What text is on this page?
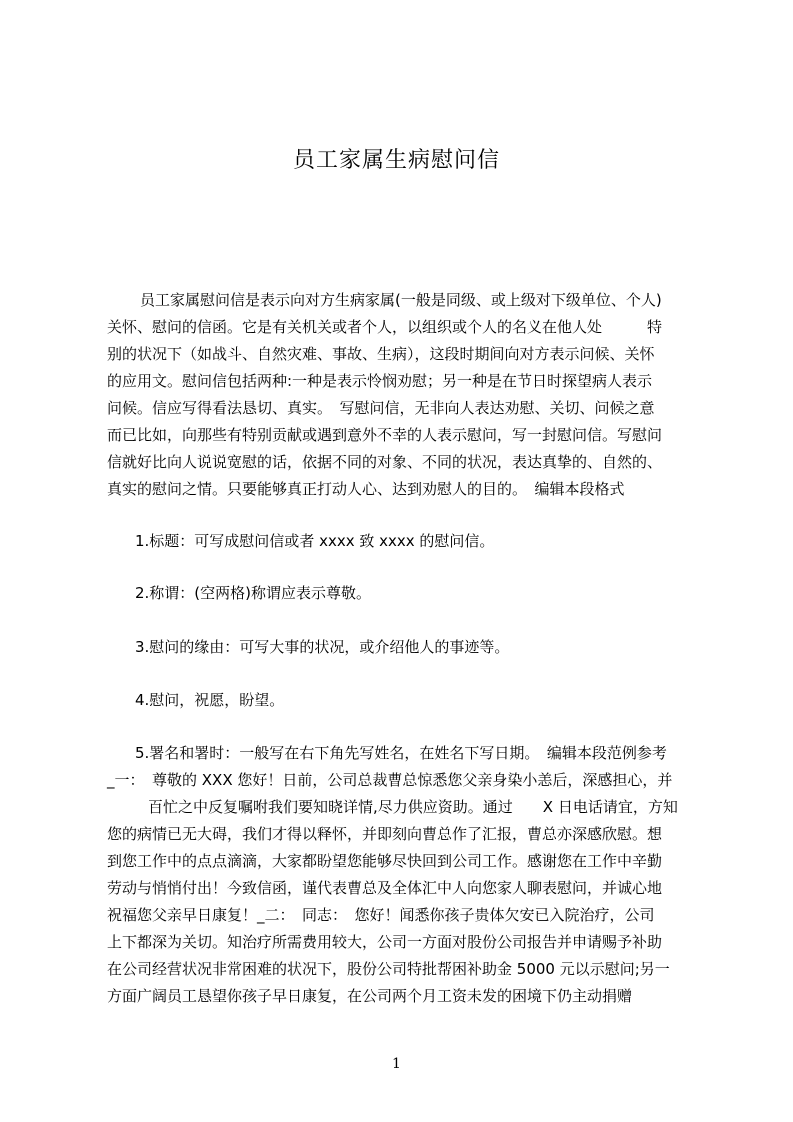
员工家属生病慰问信
员工家属慰问信是表示向对方生病家属(一般是同级、或上级对下级单位、个人)
关怀、慰问的信函。它是有关机关或者个人，以组织或个人的名义在他人处　　　特
别的状况下（如战斗、自然灾难、事故、生病），这段时期间向对方表示问候、关怀
的应用文。慰问信包括两种:一种是表示怜悯劝慰；另一种是在节日时探望病人表示
问候。信应写得看法恳切、真实。　写慰问信，无非向人表达劝慰、关切、问候之意
而已比如，向那些有特别贡献或遇到意外不幸的人表示慰问，写一封慰问信。写慰问
信就好比向人说说宽慰的话，依据不同的对象、不同的状况，表达真挚的、自然的、
真实的慰问之情。只要能够真正打动人心、达到劝慰人的目的。　编辑本段格式
1.标题：可写成慰问信或者 xxxx 致 xxxx 的慰问信。
2.称谓：(空两格)称谓应表示尊敬。
3.慰问的缘由：可写大事的状况，或介绍他人的事迹等。
4.慰问，祝愿，盼望。
5.署名和署时：一般写在右下角先写姓名，在姓名下写日期。　编辑本段范例参考
_一：　尊敬的 XXX 您好！日前，公司总裁曹总惊悉您父亲身染小恙后，深感担心，并
百忙之中反复嘱咐我们要知晓详情,尽力供应资助。通过　　X 日电话请宜，方知
您的病情已无大碍，我们才得以释怀，并即刻向曹总作了汇报，曹总亦深感欣慰。想
到您工作中的点点滴滴，大家都盼望您能够尽快回到公司工作。感谢您在工作中辛勤
劳动与悄悄付出！今致信函，谨代表曹总及全体汇中人向您家人聊表慰问，并诚心地
祝福您父亲早日康复！_二：　同志：　您好！闻悉你孩子贵体欠安已入院治疗，公司
上下都深为关切。知治疗所需费用较大，公司一方面对股份公司报告并申请赐予补助
在公司经营状况非常困难的状况下，股份公司特批帮困补助金 5000 元以示慰问;另一
方面广阔员工恳望你孩子早日康复，在公司两个月工资未发的困境下仍主动捐赠
1
